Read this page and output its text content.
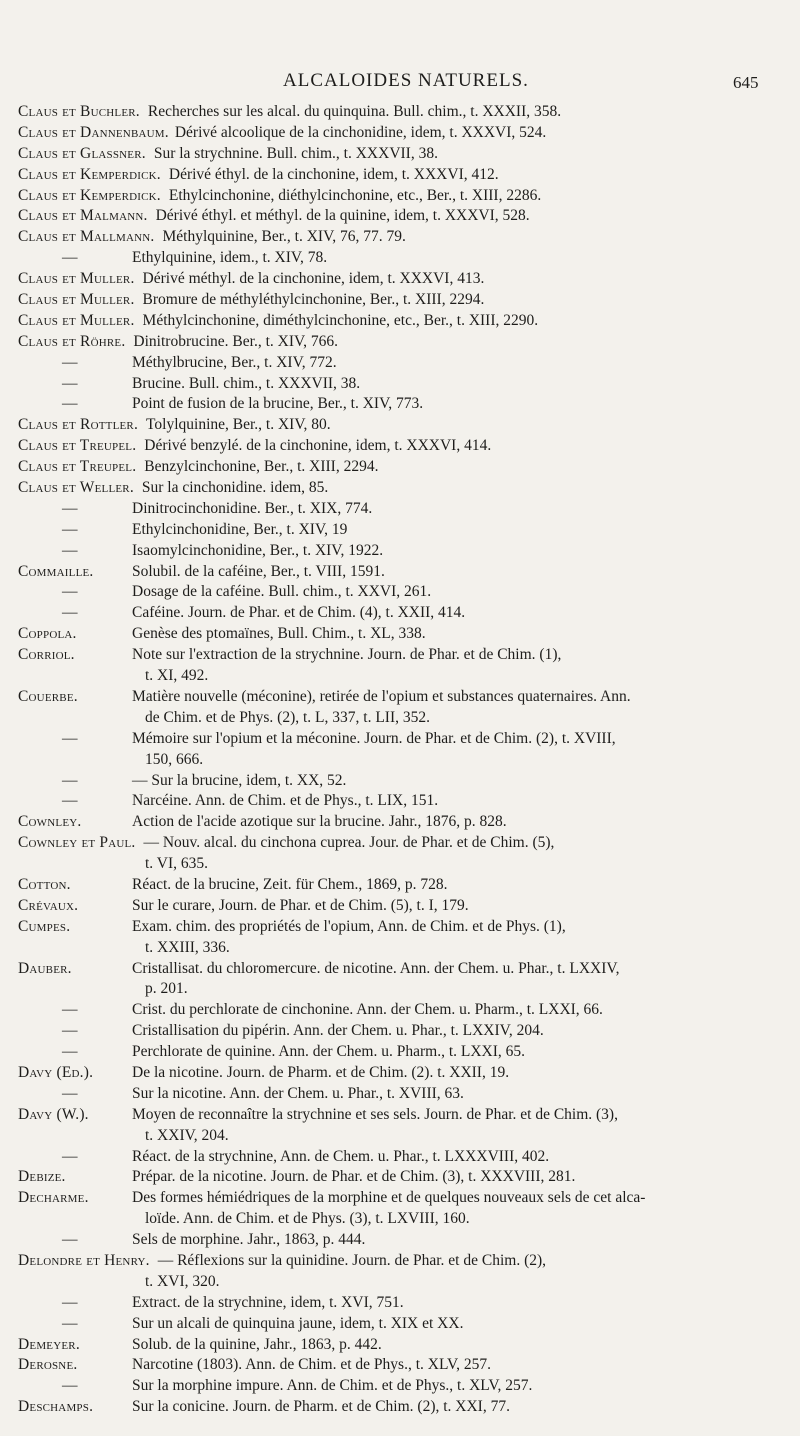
ALCALOIDES NATURELS.	645
Claus et Buchler. Recherches sur les alcal. du quinquina. Bull. chim., t. XXXII, 358.
Claus et Dannenbaum. Dérivé alcoolique de la cinchonidine, idem, t. XXXVI, 524.
Claus et Glassner. Sur la strychnine. Bull. chim., t. XXXVII, 38.
Claus et Kemperdick. Dérivé éthyl. de la cinchonine, idem, t. XXXVI, 412.
Claus et Kemperdick. Ethylcinchonine, diéthylcinchonine, etc., Ber., t. XIII, 2286.
Claus et Malmann. Dérivé éthyl. et méthyl. de la quinine, idem, t. XXXVI, 528.
Claus et Mallmann. Méthylquinine, Ber., t. XIV, 76, 77. 79.
—	Ethylquinine, idem., t. XIV, 78.
Claus et Muller. Dérivé méthyl. de la cinchonine, idem, t. XXXVI, 413.
Claus et Muller. Bromure de méthyléthylcinchonine, Ber., t. XIII, 2294.
Claus et Muller. Méthylcinchonine, diméthylcinchonine, etc., Ber., t. XIII, 2290.
Claus et Röhre. Dinitrobrucine. Ber., t. XIV, 766.
—	Méthylbrucine, Ber., t. XIV, 772.
—	Brucine. Bull. chim., t. XXXVII, 38.
—	Point de fusion de la brucine, Ber., t. XIV, 773.
Claus et Rottler. Tolylquinine, Ber., t. XIV, 80.
Claus et Treupel. Dérivé benzylé. de la cinchonine, idem, t. XXXVI, 414.
Claus et Treupel. Benzylcinchonine, Ber., t. XIII, 2294.
Claus et Weller. Sur la cinchonidine. idem, 85.
—	Dinitrocinchonidine. Ber., t. XIX, 774.
—	Ethylcinchonidine, Ber., t. XIV, 19
—	Isaomylcinchonidine, Ber., t. XIV, 1922.
Commaille. Solubil. de la caféine, Ber., t. VIII, 1591.
—	Dosage de la caféine. Bull. chim., t. XXVI, 261.
—	Caféine. Journ. de Phar. et de Chim. (4), t. XXII, 414.
Coppola.	Genèse des ptomaïnes, Bull. Chim., t. XL, 338.
Corriol.	Note sur l'extraction de la strychnine. Journ. de Phar. et de Chim. (1),
t. XI, 492.
Couerbe.	Matière nouvelle (méconine), retirée de l'opium et substances quaternaires. Ann.
de Chim. et de Phys. (2), t. L, 337, t. LII, 352.
—	Mémoire sur l'opium et la méconine. Journ. de Phar. et de Chim. (2), t. XVIII,
150, 666.
—	— Sur la brucine, idem, t. XX, 52.
—	Narcéine. Ann. de Chim. et de Phys., t. LIX, 151.
Cownley.	Action de l'acide azotique sur la brucine. Jahr., 1876, p. 828.
Cownley et Paul. — Nouv. alcal. du cinchona cuprea. Jour. de Phar. et de Chim. (5),
t. VI, 635.
Cotton.	Réact. de la brucine, Zeit. für Chem., 1869, p. 728.
Crévaux.	Sur le curare, Journ. de Phar. et de Chim. (5), t. I, 179.
Cumpes.	Exam. chim. des propriétés de l'opium, Ann. de Chim. et de Phys. (1),
t. XXIII, 336.
Dauber.	Cristallisat. du chloromercure. de nicotine. Ann. der Chem. u. Phar., t. LXXIV,
p. 201.
—	Crist. du perchlorate de cinchonine. Ann. der Chem. u. Pharm., t. LXXI, 66.
—	Cristallisation du pipérin. Ann. der Chem. u. Phar., t. LXXIV, 204.
—	Perchlorate de quinine. Ann. der Chem. u. Pharm., t. LXXI, 65.
Davy (Ed.).	De la nicotine. Journ. de Pharm. et de Chim. (2). t. XXII, 19.
—	Sur la nicotine. Ann. der Chem. u. Phar., t. XVIII, 63.
Davy (W.).	Moyen de reconnaître la strychnine et ses sels. Journ. de Phar. et de Chim. (3),
t. XXIV, 204.
—	Réact. de la strychnine, Ann. de Chem. u. Phar., t. LXXXVIII, 402.
Debize.	Prépar. de la nicotine. Journ. de Phar. et de Chim. (3), t. XXXVIII, 281.
Decharme.	Des formes hémiédriques de la morphine et de quelques nouveaux sels de cet alca-
loïde. Ann. de Chim. et de Phys. (3), t. LXVIII, 160.
—	Sels de morphine. Jahr., 1863, p. 444.
Delondre et Henry. — Réflexions sur la quinidine. Journ. de Phar. et de Chim. (2),
t. XVI, 320.
—	Extract. de la strychnine, idem, t. XVI, 751.
—	Sur un alcali de quinquina jaune, idem, t. XIX et XX.
Demeyer.	Solub. de la quinine, Jahr., 1863, p. 442.
Derosne.	Narcotine (1803). Ann. de Chim. et de Phys., t. XLV, 257.
—	Sur la morphine impure. Ann. de Chim. et de Phys., t. XLV, 257.
Deschamps.	Sur la conicine. Journ. de Pharm. et de Chim. (2), t. XXI, 77.
